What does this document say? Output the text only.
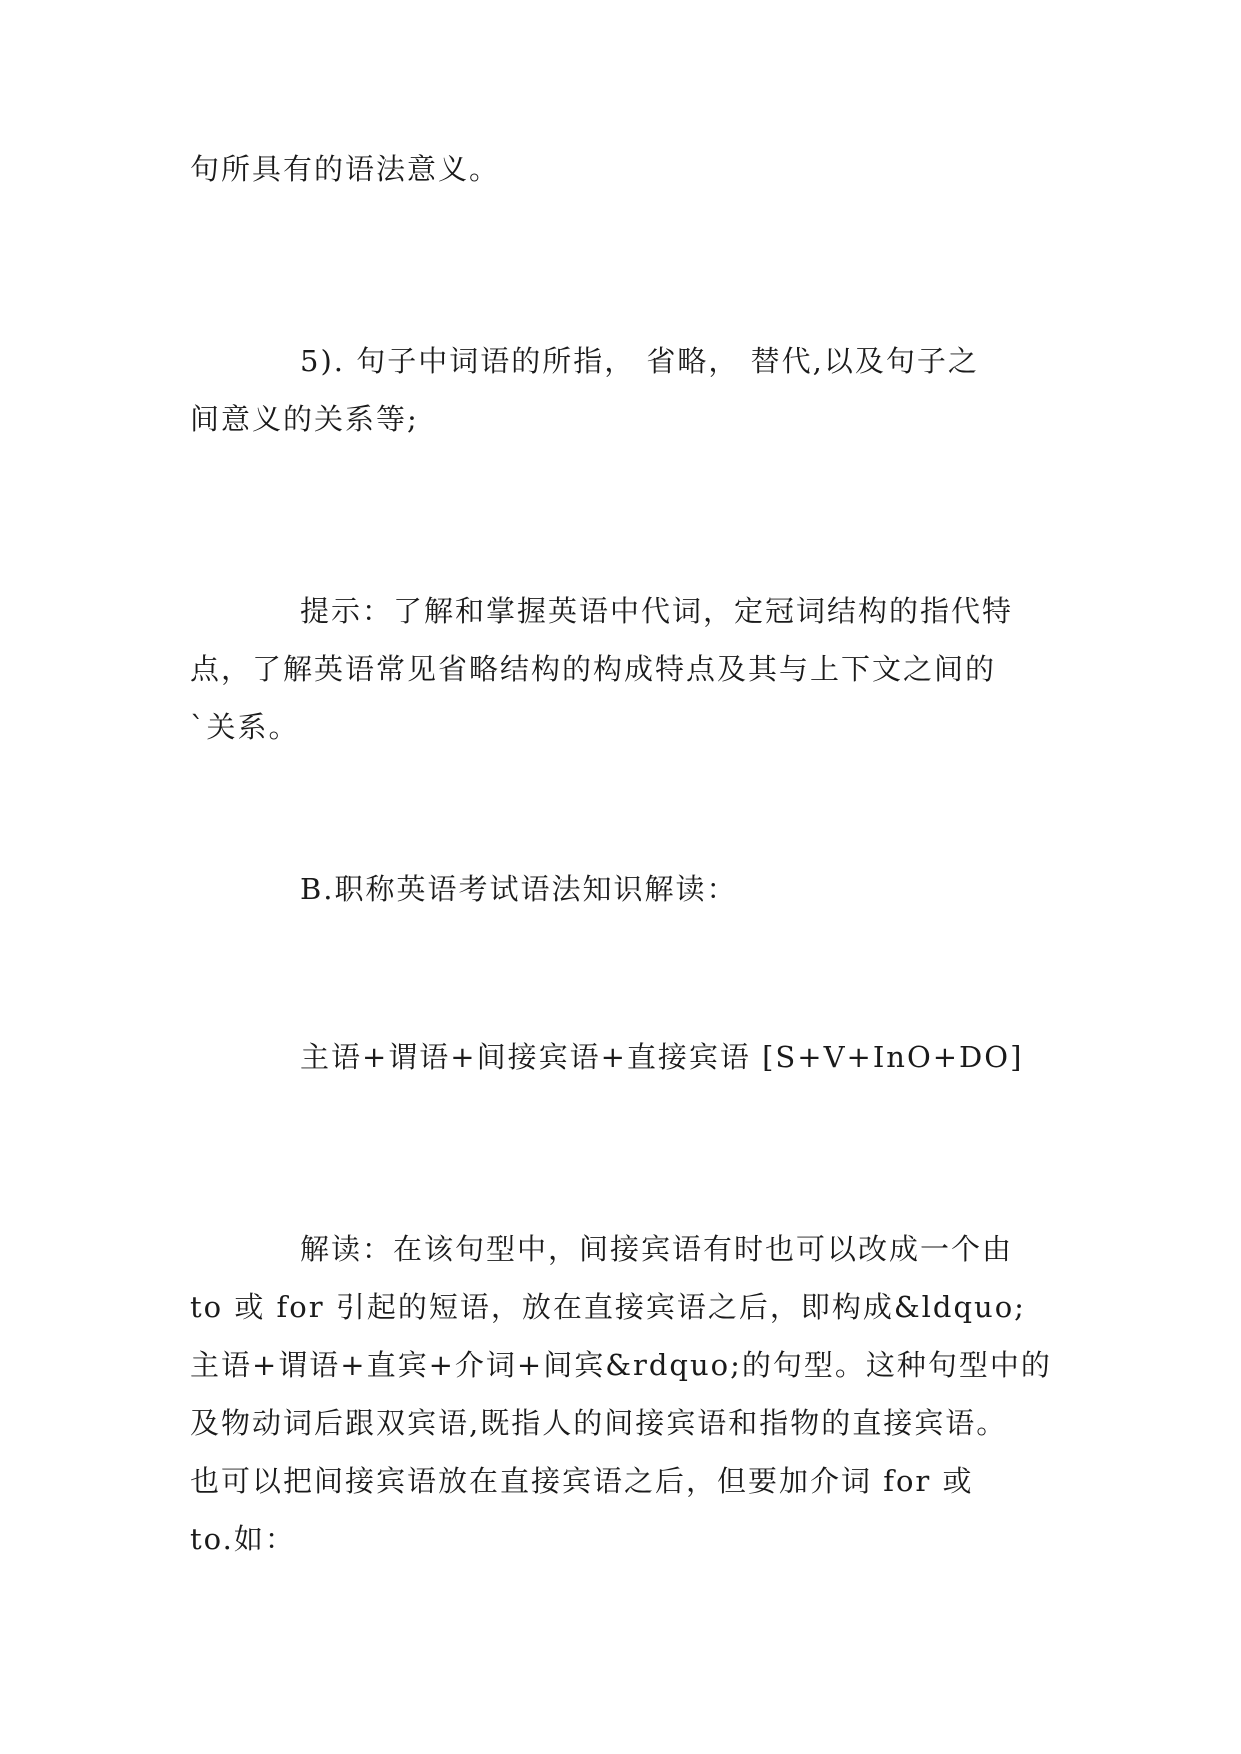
句所具有的语法意义。
5). 句子中词语的所指， 省略， 替代,以及句子之
间意义的关系等;
提示：了解和掌握英语中代词，定冠词结构的指代特
点，了解英语常见省略结构的构成特点及其与上下文之间的
`关系。
B.职称英语考试语法知识解读：
主语+谓语+间接宾语+直接宾语 [S+V+InO+DO]
解读：在该句型中，间接宾语有时也可以改成一个由
to 或 for 引起的短语，放在直接宾语之后，即构成&ldquo;
主语+谓语+直宾+介词+间宾&rdquo;的句型。这种句型中的
及物动词后跟双宾语,既指人的间接宾语和指物的直接宾语。
也可以把间接宾语放在直接宾语之后，但要加介词 for 或
to.如：
